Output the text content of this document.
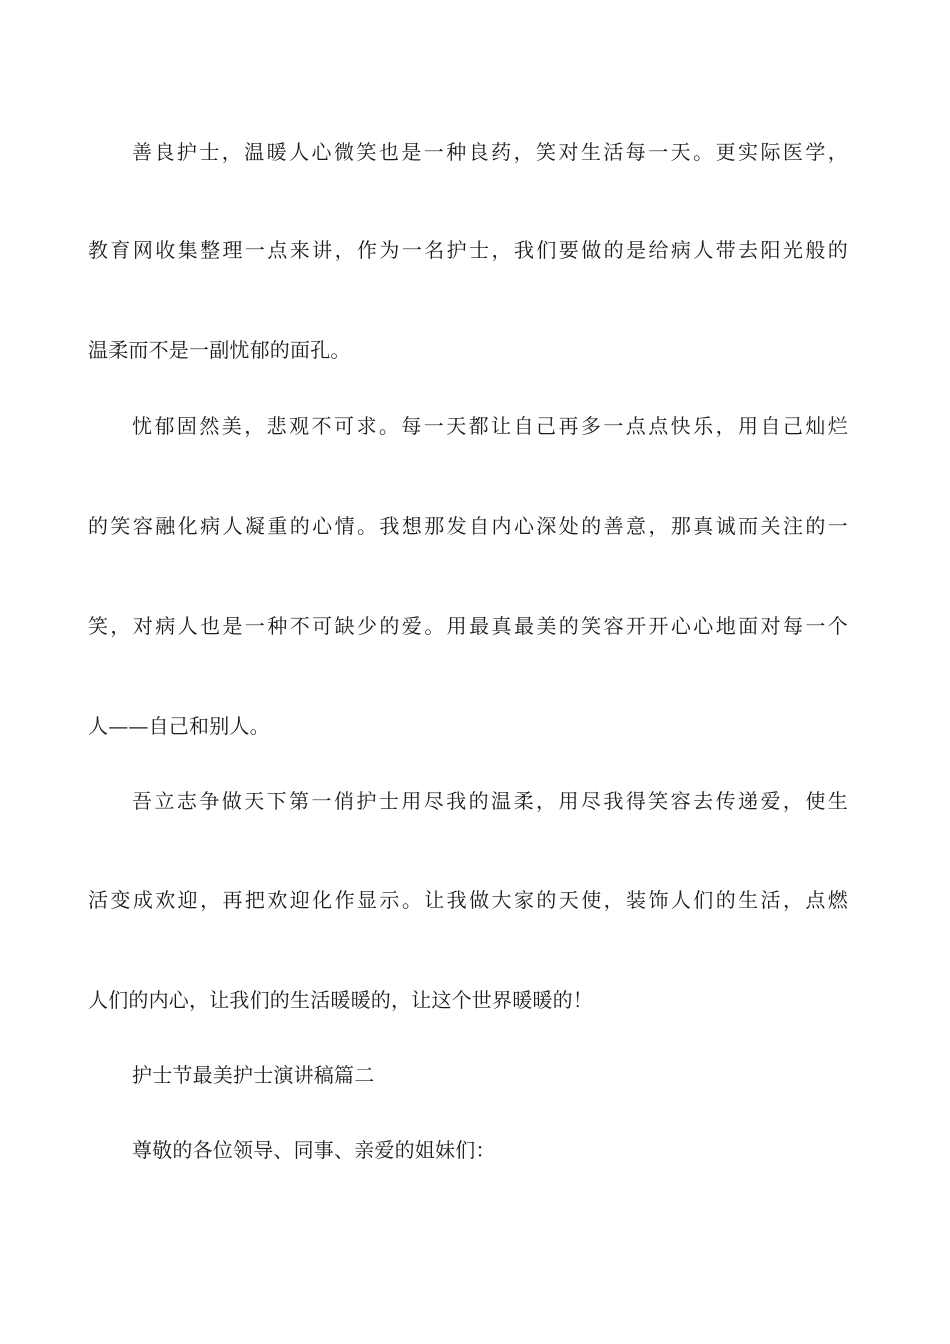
善良护士，温暖人心微笑也是一种良药，笑对生活每一天。更实际医学，
教育网收集整理一点来讲，作为一名护士，我们要做的是给病人带去阳光般的
温柔而不是一副忧郁的面孔。
忧郁固然美，悲观不可求。每一天都让自己再多一点点快乐，用自己灿烂
的笑容融化病人凝重的心情。我想那发自内心深处的善意，那真诚而关注的一
笑，对病人也是一种不可缺少的爱。用最真最美的笑容开开心心地面对每一个
人——自己和别人。
吾立志争做天下第一俏护士用尽我的温柔，用尽我得笑容去传递爱，使生
活变成欢迎，再把欢迎化作显示。让我做大家的天使，装饰人们的生活，点燃
人们的内心，让我们的生活暖暖的，让这个世界暖暖的！
护士节最美护士演讲稿篇二
尊敬的各位领导、同事、亲爱的姐妹们：
